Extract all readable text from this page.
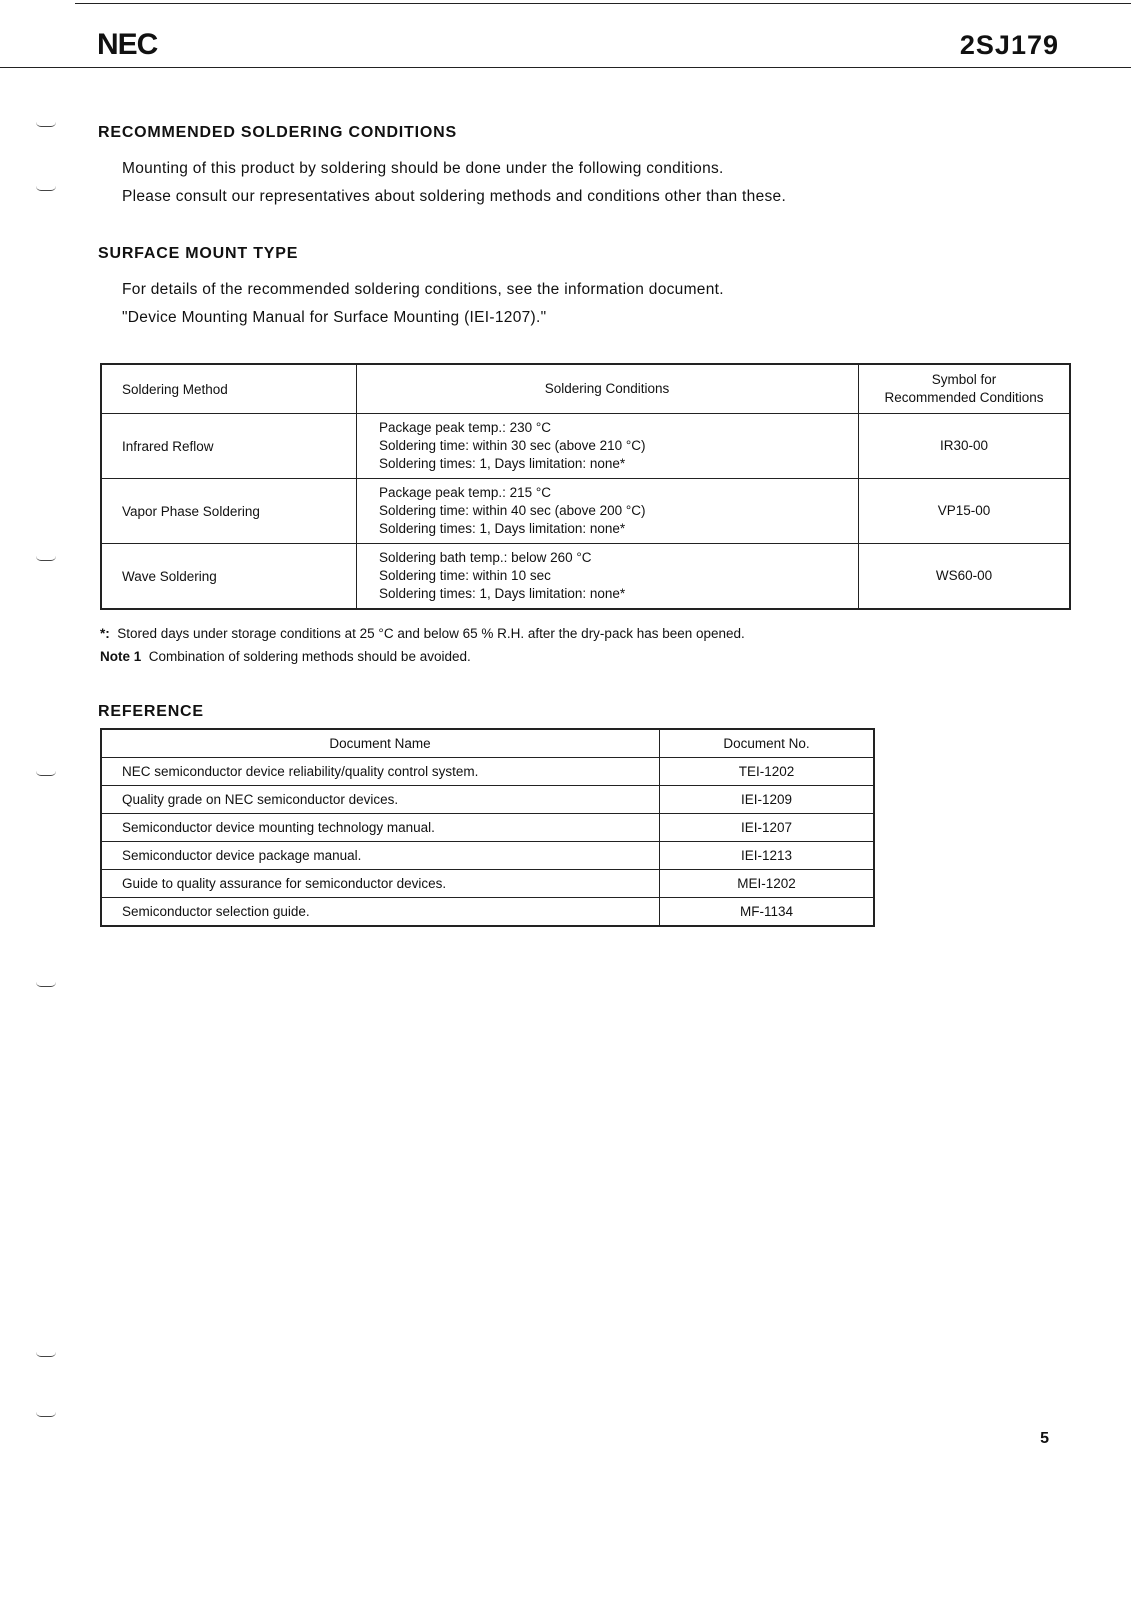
NEC	2SJ179
RECOMMENDED SOLDERING CONDITIONS
Mounting of this product by soldering should be done under the following conditions.
Please consult our representatives about soldering methods and conditions other than these.
SURFACE MOUNT TYPE
For details of the recommended soldering conditions, see the information document.
"Device Mounting Manual for Surface Mounting (IEI-1207)."
Soldering Method	Soldering Conditions	Symbol for
Recommended Conditions
Infrared Reflow	Package peak temp.: 230 °C
Soldering time: within 30 sec (above 210 °C)
Soldering times: 1, Days limitation: none*	IR30-00
Vapor Phase Soldering	Package peak temp.: 215 °C
Soldering time: within 40 sec (above 200 °C)
Soldering times: 1, Days limitation: none*	VP15-00
Wave Soldering	Soldering bath temp.: below 260 °C
Soldering time: within 10 sec
Soldering times: 1, Days limitation: none*	WS60-00
*: Stored days under storage conditions at 25 °C and below 65 % R.H. after the dry-pack has been opened.
Note 1 Combination of soldering methods should be avoided.
REFERENCE
Document Name	Document No.
NEC semiconductor device reliability/quality control system.	TEI-1202
Quality grade on NEC semiconductor devices.	IEI-1209
Semiconductor device mounting technology manual.	IEI-1207
Semiconductor device package manual.	IEI-1213
Guide to quality assurance for semiconductor devices.	MEI-1202
Semiconductor selection guide.	MF-1134
5
